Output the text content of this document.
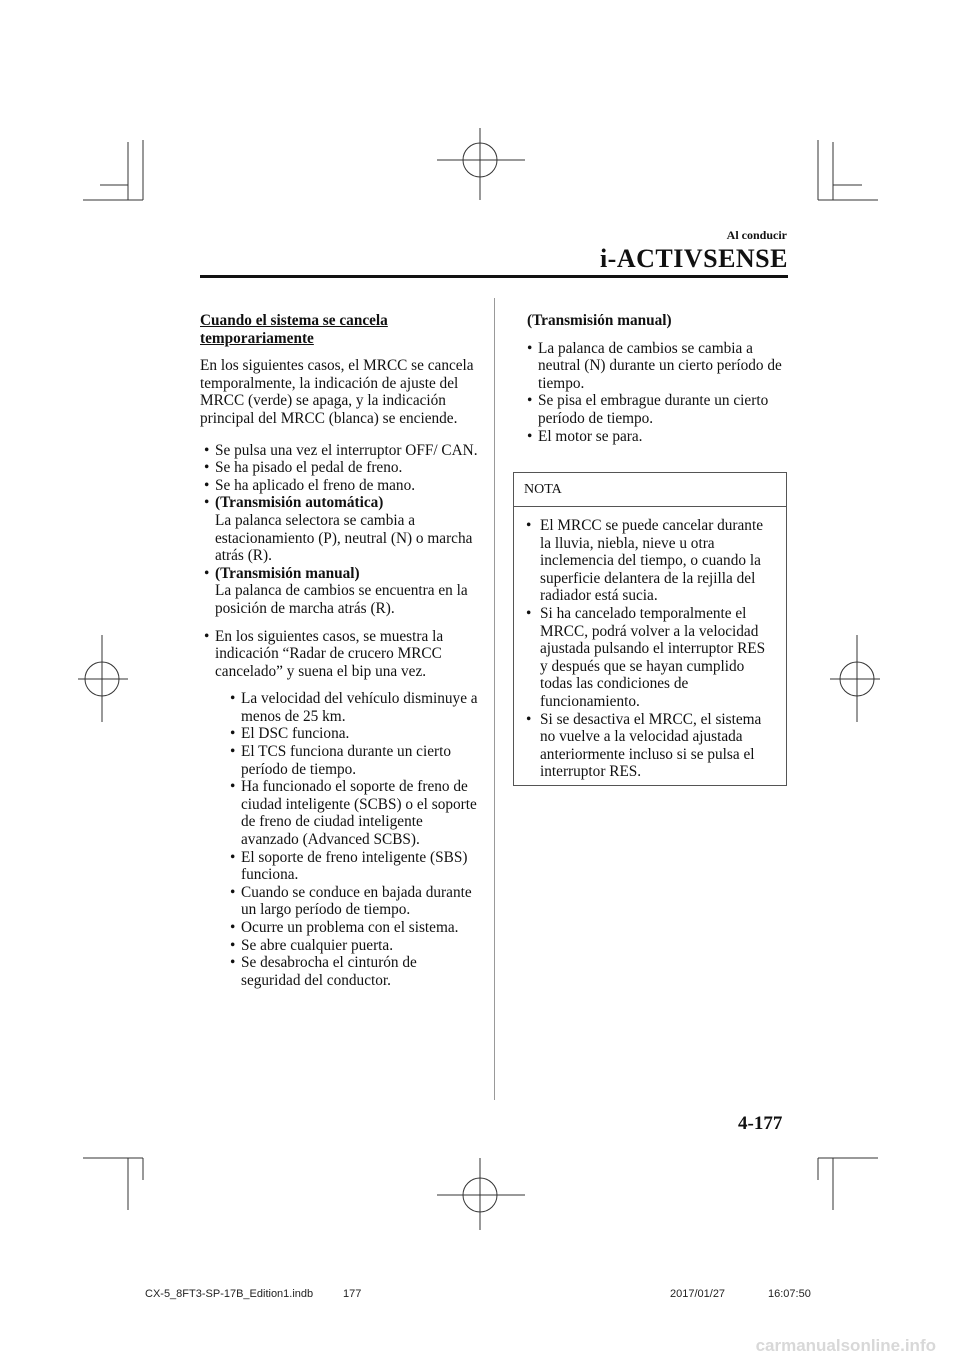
Al conducir
i-ACTIVSENSE
Cuando el sistema se cancela
temporariamente

En los siguientes casos, el MRCC se cancela temporalmente, la indicación de ajuste del MRCC (verde) se apaga, y la indicación principal del MRCC (blanca) se enciende.

• Se pulsa una vez el interruptor OFF/ CAN.
• Se ha pisado el pedal de freno.
• Se ha aplicado el freno de mano.
• (Transmisión automática)
La palanca selectora se cambia a estacionamiento (P), neutral (N) o marcha atrás (R).
• (Transmisión manual)
La palanca de cambios se encuentra en la posición de marcha atrás (R).
• En los siguientes casos, se muestra la indicación “Radar de crucero MRCC cancelado” y suena el bip una vez.
• La velocidad del vehículo disminuye a menos de 25 km.
• El DSC funciona.
• El TCS funciona durante un cierto período de tiempo.
• Ha funcionado el soporte de freno de ciudad inteligente (SCBS) o el soporte de freno de ciudad inteligente avanzado (Advanced SCBS).
• El soporte de freno inteligente (SBS) funciona.
• Cuando se conduce en bajada durante un largo período de tiempo.
• Ocurre un problema con el sistema.
• Se abre cualquier puerta.
• Se desabrocha el cinturón de seguridad del conductor.
(Transmisión manual)
• La palanca de cambios se cambia a neutral (N) durante un cierto período de tiempo.
• Se pisa el embrague durante un cierto período de tiempo.
• El motor se para.
NOTA
• El MRCC se puede cancelar durante la lluvia, niebla, nieve u otra inclemencia del tiempo, o cuando la superficie delantera de la rejilla del radiador está sucia.
• Si ha cancelado temporalmente el MRCC, podrá volver a la velocidad ajustada pulsando el interruptor RES y después que se hayan cumplido todas las condiciones de funcionamiento.
• Si se desactiva el MRCC, el sistema no vuelve a la velocidad ajustada anteriormente incluso si se pulsa el interruptor RES.
4-177
CX-5_8FT3-SP-17B_Edition1.indb	177	2017/01/27	16:07:50
carmanualsonline.info
